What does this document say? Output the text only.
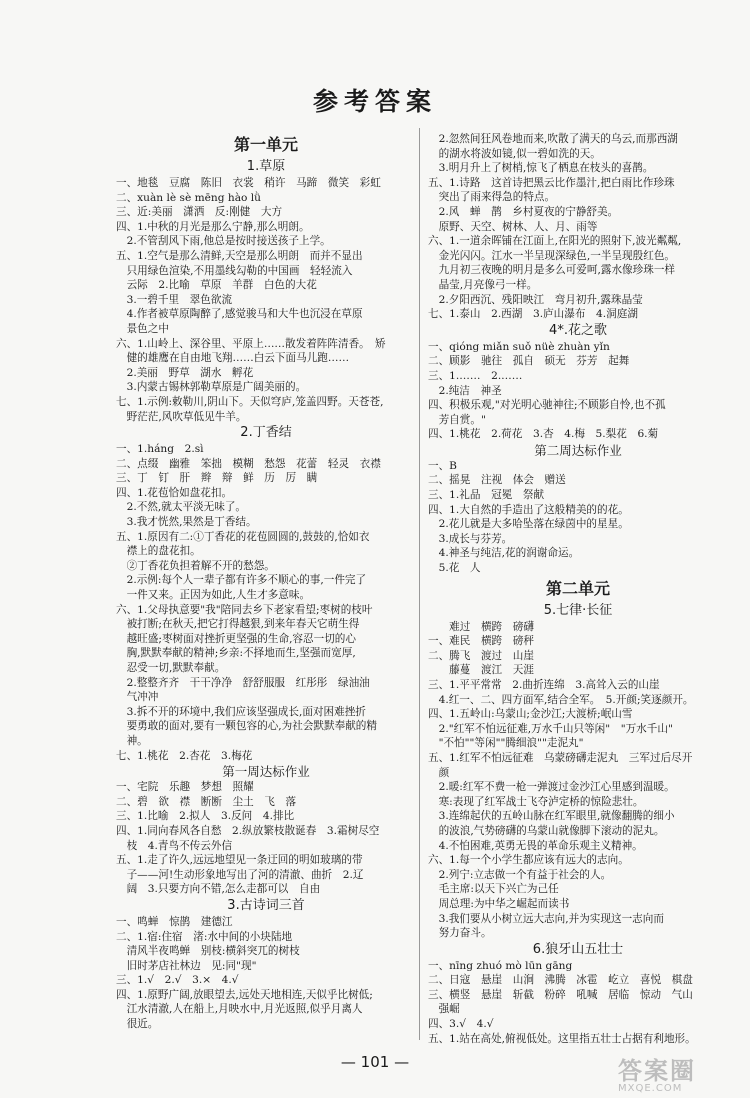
参考答案
第一单元
1.草原
一、地毯　豆腐　陈旧　衣裳　稍许　马蹄　微笑　彩虹
二、xuàn lè sè mēng hào lǜ
三、近:美丽　潇洒　反:刚健　大方
四、1.中秋的月光是那么宁静,那么明朗。
　2.不管刮风下雨,他总是按时接送孩子上学。
五、1.空气是那么清鲜,天空是那么明朗　而并不显出
　只用绿色渲染,不用墨线勾勒的中国画　轻轻流入
　云际　2.比喻　草原　羊群　白色的大花
　3.一碧千里　翠色欲流
　4.作者被草原陶醉了,感觉骏马和大牛也沉浸在草原
　景色之中
六、1.山岭上、深谷里、平原上……散发着阵阵清香。　矫
　健的雄鹰在自由地飞翔……白云下面马儿跑……
　2.美丽　野草　湖水　孵花
　3.内蒙古锡林郭勒草原是广阔美丽的。
七、1.示例:敕勒川,阴山下。天似穹庐,笼盖四野。天苍苍,
　野茫茫,风吹草低见牛羊。
2.丁香结
一、1.háng　2.sì
二、点缀　幽雅　笨拙　模糊　愁怨　花蕾　轻灵　衣襟
三、丁　钉　肝　辫　辩　鲜　历　厉　瞒
四、1.花苞恰如盘花扣。
　2.不然,就太平淡无味了。
　3.我才恍然,果然是丁香结。
五、1.原因有二:①丁香花的花苞圆圆的,鼓鼓的,恰如衣
　襟上的盘花扣。
　②丁香花负担着解不开的愁怨。
　2.示例:每个人一辈子都有许多不顺心的事,一件完了
　一件又来。正因为如此,人生才多意味。
六、1.父母执意要"我"陪同去乡下老家看望;枣树的枝叶
　被打断;在秋天,把它打得越狠,到来年春天它萌生得
　越旺盛;枣树面对挫折更坚强的生命,容忍一切的心
　胸,默默奉献的精神;乡亲:不择地而生,坚强而宽厚,
　忍受一切,默默奉献。
　2.整整齐齐　干干净净　舒舒服服　红彤彤　绿油油
　气冲冲
　3.拆不开的环境中,我们应该坚强成长,面对困难挫折
　要勇敢的面对,要有一颗包容的心,为社会默默奉献的精
　神。
七、1.桃花　2.杏花　3.梅花
第一周达标作业
一、宅院　乐趣　梦想　照耀
二、碧　欲　襟　断断　尘土　飞　落
三、1.比喻　2.拟人　3.反问　4.排比
四、1.同向春风各自愁　2.纵放繁枝散诞春　3.霜树尽空
　枝　4.青鸟不传云外信
五、1.走了许久,远远地望见一条迂回的明如玻璃的带
　子——河!生动形象地写出了河的清澈、曲折　2.辽
　阔　3.只要方向不错,怎么走都可以　自由
3.古诗词三首
一、鸣蝉　惊鹊　建德江
二、1.宿:住宿　渚:水中间的小块陆地
　清风半夜鸣蝉　别枝:横斜突兀的树枝
　旧时茅店社林边　见:同"现"
三、1.√　2.√　3.×　4.√
四、1.原野广阔,放眼望去,远处天地相连,天似乎比树低;
　江水清澈,人在船上,月映水中,月光返照,似乎月离人
　很近。
　2.忽然间狂风卷地而来,吹散了满天的乌云,而那西湖
　的湖水将波如镜,似一碧如洗的天。
　3.明月升上了树梢,惊飞了栖息在枝头的喜鹊。
五、1.诗路　这首诗把黑云比作墨汁,把白雨比作珍珠
　突出了雨来得急的特点。
　2.风　蝉　鹊　乡村夏夜的宁静舒美。
　原野、天空、树林、人、月、雨等
六、1.一道余晖铺在江面上,在阳光的照射下,波光粼粼,
　金光闪闪。江水一半呈现深绿色,一半呈现殷红色。
　九月初三夜晚的明月是多么可爱呵,露水像珍珠一样
　晶莹,月亮像弓一样。
　2.夕阳西沉、残阳映江　弯月初升,露珠晶莹
七、1.泰山　2.西湖　3.庐山瀑布　4.洞庭湖
4*.花之歌
一、qióng miǎn suǒ nüè zhuàn yǐn
二、顾影　驰往　孤自　硕无　芬芳　起舞
三、1.……　2.……
　2.纯洁　神圣
四、积极乐观,"对光明心驰神往;不顾影自怜,也不孤
　芳自赏。"
四、1.桃花　2.荷花　3.杏　4.梅　5.梨花　6.菊
第二周达标作业
一、B
二、摇晃　注视　体会　赠送
三、1.礼品　冠冕　祭献
四、1.大自然的手造出了这般精美的的花。
　2.花儿就是大多哈坠落在绿茵中的星星。
　3.成长与芬芳。
　4.神圣与纯洁,花的润谢命运。
　5.花　人
第二单元
5.七律·长征
　　难过　横跨　磅礴
一、难民　横跨　磅秤
二、腾飞　渡过　山崖
　　藤蔓　渡江　天涯
三、1.平平常常　2.曲折连绵　3.高耸入云的山崖
　4.红一、二、四方面军,结合全军。　5.开颜;笑逐颜开。
四、1.五岭山:乌蒙山;金沙江;大渡桥;岷山雪
　2."红军不怕远征难,万水千山只等闲"　"万水千山"
　"不怕""等闲""腾细浪""走泥丸"
五、1.红军不怕远征难　乌蒙磅礴走泥丸　三军过后尽开
　颜
　2.暖:红军不费一枪一弹渡过金沙江心里感到温暖。
　寒:表现了红军战士飞夺泸定桥的惊险悲壮。
　3.连绵起伏的五岭山脉在红军眼里,就像翻腾的细小
　的波浪,气势磅礴的乌蒙山就像脚下滚动的泥丸。
　4.不怕困难,英勇无畏的革命乐观主义精神。
六、1.每一个小学生都应该有远大的志向。
　2.列宁:立志做一个有益于社会的人。
　毛主席:以天下兴亡为己任
　周总理:为中华之崛起而读书
　3.我们要从小树立远大志向,并为实现这一志向而
　努力奋斗。
6.狼牙山五壮士
一、nīng zhuó mò lūn gāng
二、日寇　悬崖　山涧　沸腾　冰雹　屹立　喜悦　棋盘
三、横竖　悬崖　斩截　粉碎　吼喊　居临　惊动　气山
　强崛
四、3.√　4.√
五、1.站在高处,俯视低处。这里指五壮士占据有利地形。
— 101 —	答案圈
MXQE.COM
